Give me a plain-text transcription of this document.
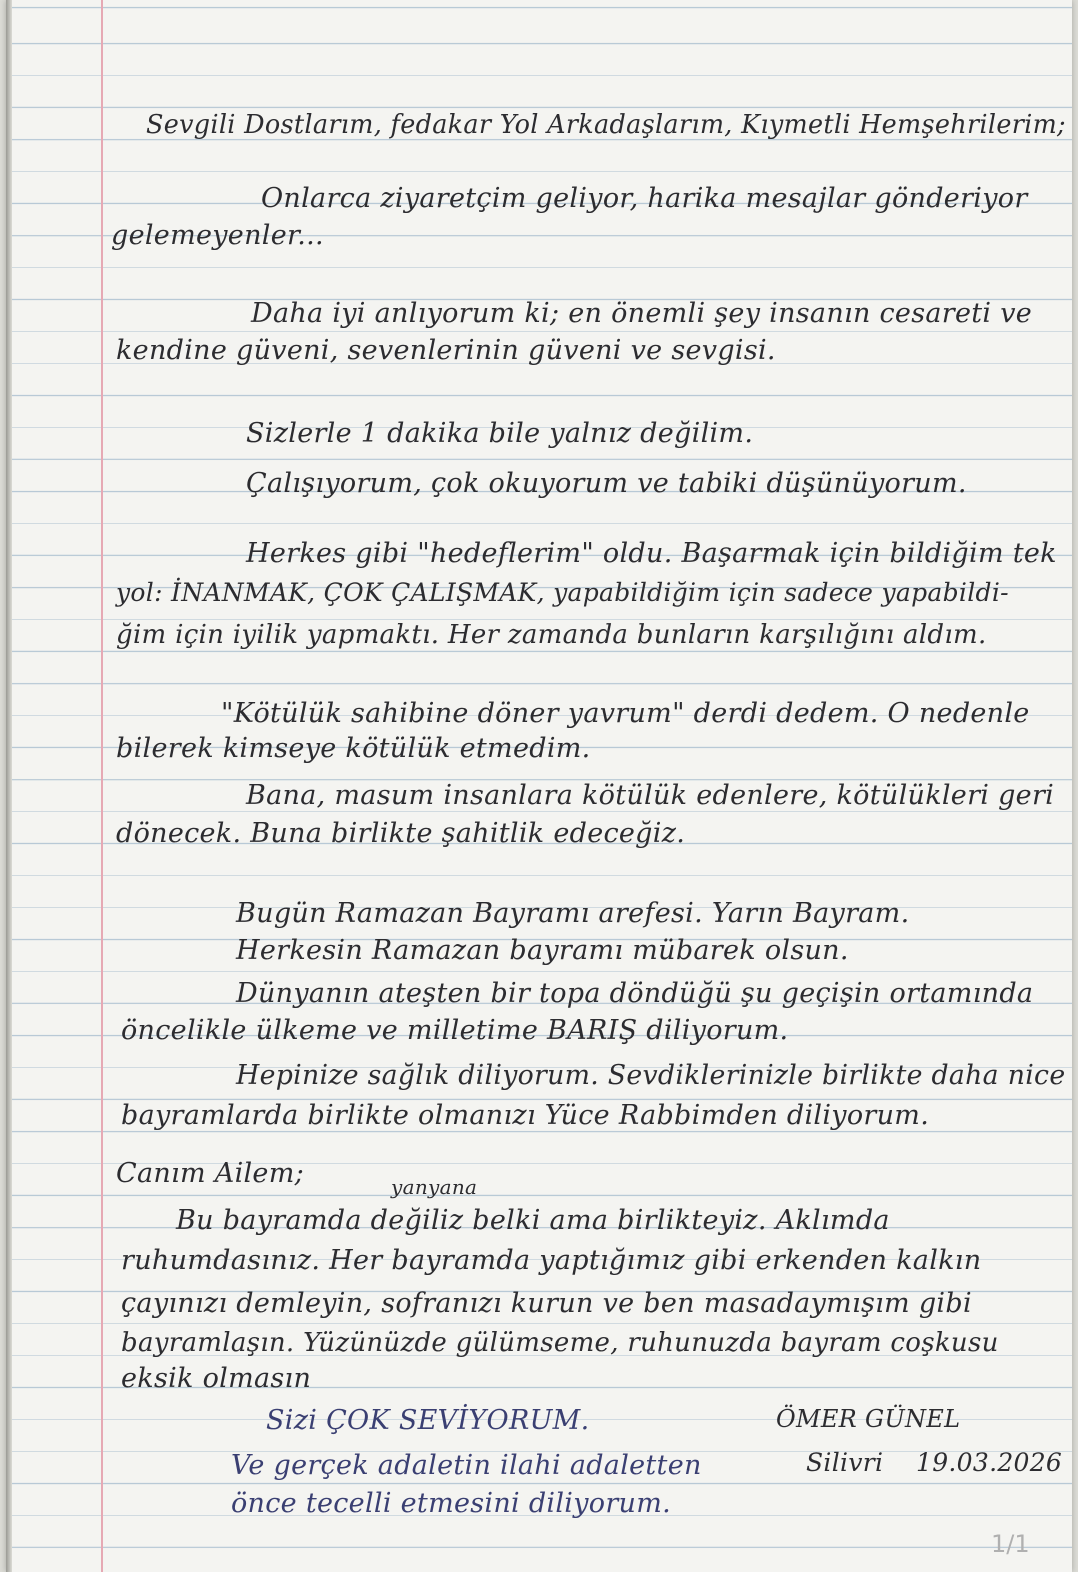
Sevgili Dostlarım, fedakar Yol Arkadaşlarım, Kıymetli Hemşehrilerim;
Onlarca ziyaretçim geliyor, harika mesajlar gönderiyor
gelemeyenler...
Daha iyi anlıyorum ki; en önemli şey insanın cesareti ve
kendine güveni, sevenlerinin güveni ve sevgisi.
Sizlerle 1 dakika bile yalnız değilim.
Çalışıyorum, çok okuyorum ve tabiki düşünüyorum.
Herkes gibi "hedeflerim" oldu. Başarmak için bildiğim tek
yol: İNANMAK, ÇOK ÇALIŞMAK, yapabildiğim için sadece yapabildi-
ğim için iyilik yapmaktı. Her zamanda bunların karşılığını aldım.
"Kötülük sahibine döner yavrum" derdi dedem. O nedenle
bilerek kimseye kötülük etmedim.
Bana, masum insanlara kötülük edenlere, kötülükleri geri
dönecek. Buna birlikte şahitlik edeceğiz.
Bugün Ramazan Bayramı arefesi. Yarın Bayram.
Herkesin Ramazan bayramı mübarek olsun.
Dünyanın ateşten bir topa döndüğü şu geçişin ortamında
öncelikle ülkeme ve milletime BARIŞ diliyorum.
Hepinize sağlık diliyorum. Sevdiklerinizle birlikte daha nice
bayramlarda birlikte olmanızı Yüce Rabbimden diliyorum.
Canım Ailem;	yanyana
Bu bayramda değiliz belki ama birlikteyiz. Aklımda
ruhumdasınız. Her bayramda yaptığımız gibi erkenden kalkın
çayınızı demleyin, sofranızı kurun ve ben masadaymışım gibi
bayramlaşın. Yüzünüzde gülümseme, ruhunuzda bayram coşkusu
eksik olmasın
Sizi ÇOK SEVİYORUM.
Ve gerçek adaletin ilahi adaletten
önce tecelli etmesini diliyorum.
ÖMER GÜNEL
Silivri 19.03.2026
1/1
